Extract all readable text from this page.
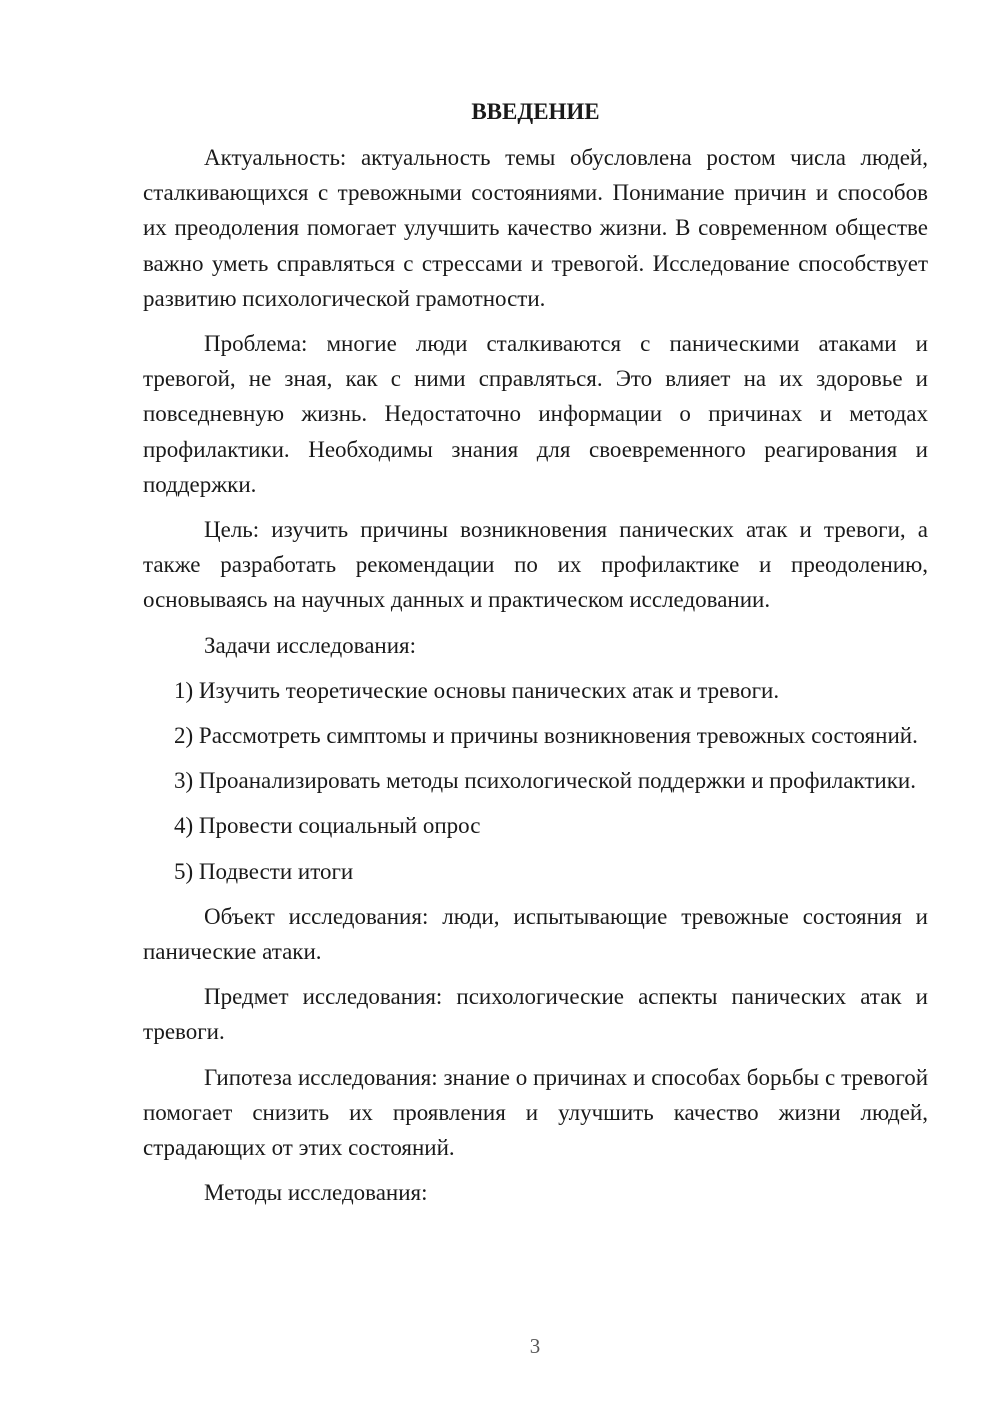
ВВЕДЕНИЕ

Актуальность: актуальность темы обусловлена ростом числа людей, сталкивающихся с тревожными состояниями. Понимание причин и способов их преодоления помогает улучшить качество жизни. В современном обществе важно уметь справляться с стрессами и тревогой. Исследование способствует развитию психологической грамотности.

Проблема: многие люди сталкиваются с паническими атаками и тревогой, не зная, как с ними справляться. Это влияет на их здоровье и повседневную жизнь. Недостаточно информации о причинах и методах профилактики. Необходимы знания для своевременного реагирования и поддержки.

Цель: изучить причины возникновения панических атак и тревоги, а также разработать рекомендации по их профилактике и преодолению, основываясь на научных данных и практическом исследовании.

Задачи исследования:

1) Изучить теоретические основы панических атак и тревоги.

2) Рассмотреть симптомы и причины возникновения тревожных состояний.

3) Проанализировать методы психологической поддержки и профилактики.

4) Провести социальный опрос

5) Подвести итоги

Объект исследования: люди, испытывающие тревожные состояния и панические атаки.

Предмет исследования: психологические аспекты панических атак и тревоги.

Гипотеза исследования: знание о причинах и способах борьбы с тревогой помогает снизить их проявления и улучшить качество жизни людей, страдающих от этих состояний.

Методы исследования:

3
